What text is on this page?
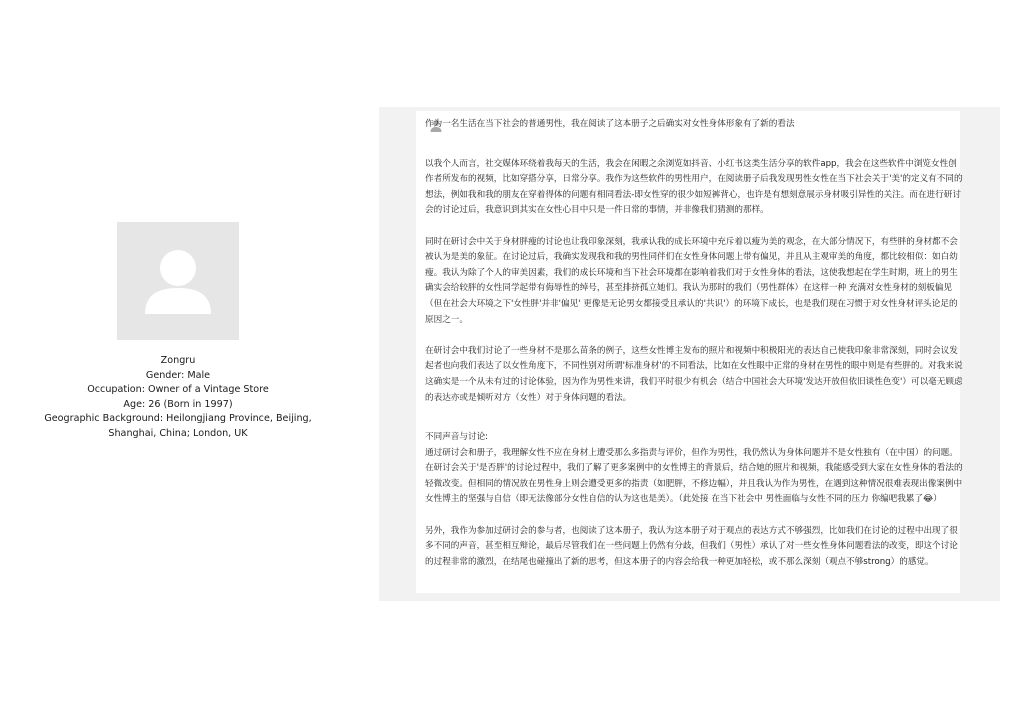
Zongru
Gender: Male
Occupation: Owner of a Vintage Store
Age: 26 (Born in 1997)
Geographic Background: Heilongjiang Province, Beijing, Shanghai, China; London, UK

作为一名生活在当下社会的普通男性，我在阅读了这本册子之后确实对女性身体形象有了新的看法

以我个人而言，社交媒体环绕着我每天的生活，我会在闲暇之余浏览如抖音、小红书这类生活分享的软件app，我会在这些软件中浏览女性创作者所发布的视频，比如穿搭分享，日常分享。我作为这些软件的男性用户，在阅读册子后我发现男性女性在当下社会关于'美'的定义有不同的想法，例如我和我的朋友在穿着得体的问题有相同看法-即女性穿的很少如短裤背心，也许是有想刻意展示身材吸引异性的关注。而在进行研讨会的讨论过后，我意识到其实在女性心目中只是一件日常的事情，并非像我们猜测的那样。

同时在研讨会中关于身材胖瘦的讨论也让我印象深刻，我承认我的成长环境中充斥着以瘦为美的观念，在大部分情况下，有些胖的身材都不会被认为是美的象征。在讨论过后，我确实发现我和我的男性同伴们在女性身体问题上带有偏见，并且从主观审美的角度，都比较相似：如白幼瘦。我认为除了个人的审美因素，我们的成长环境和当下社会环境都在影响着我们对于女性身体的看法，这使我想起在学生时期，班上的男生确实会给较胖的女性同学起带有侮辱性的绰号，甚至排挤孤立她们。我认为那时的我们（男性群体）在这样一种 充满对女性身材的刻板偏见（但在社会大环境之下'女性胖'并非'偏见' 更像是无论男女都接受且承认的'共识'）的环境下成长，也是我们现在习惯于对女性身材评头论足的原因之一。

在研讨会中我们讨论了一些身材不是那么苗条的例子，这些女性博主发布的照片和视频中积极阳光的表达自己使我印象非常深刻，同时会议发起者也向我们表达了以女性角度下，不同性别对所谓'标准身材'的不同看法，比如在女性眼中正常的身材在男性的眼中则是有些胖的。对我来说这确实是一个从未有过的讨论体验，因为作为男性来讲，我们平时很少有机会（结合中国社会大环境'发达开放但依旧谈性色变'）可以毫无顾虑的表达亦或是倾听对方（女性）对于身体问题的看法。

不同声音与讨论:
通过研讨会和册子，我理解女性不应在身材上遭受那么多指责与评价，但作为男性，我仍然认为身体问题并不是女性独有（在中国）的问题。在研讨会关于'是否胖'的讨论过程中，我们了解了更多案例中的女性博主的背景后，结合她的照片和视频，我能感受到大家在女性身体的看法的轻微改变。但相同的情况放在男性身上则会遭受更多的指责（如肥胖，不修边幅），并且我认为作为男性，在遇到这种情况很难表现出像案例中女性博主的坚强与自信（即无法像部分女性自信的认为这也是美）。（此处接 在当下社会中 男性面临与女性不同的压力 你编吧我累了😂）

另外，我作为参加过研讨会的参与者，也阅读了这本册子，我认为这本册子对于观点的表达方式不够强烈，比如我们在讨论的过程中出现了很多不同的声音，甚至相互辩论，最后尽管我们在一些问题上仍然有分歧，但我们（男性）承认了对一些女性身体问题看法的改变，即这个讨论的过程非常的激烈，在结尾也碰撞出了新的思考，但这本册子的内容会给我一种更加轻松，或不那么深刻（观点不够strong）的感觉。
